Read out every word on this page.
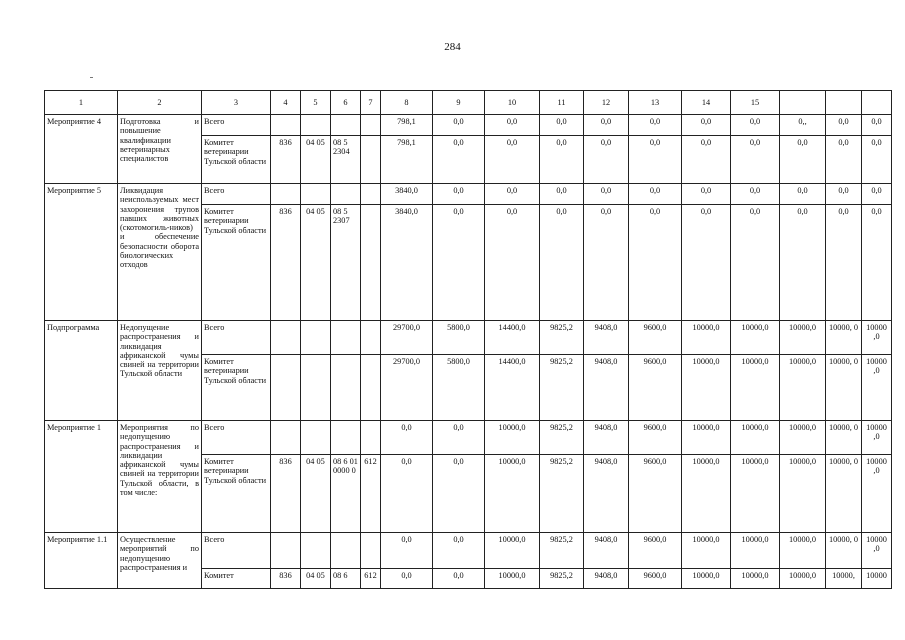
284
1	2	3	4	5	6	7	8	9	10	11	12	13	14	15			
Мероприятие 4	Подготовка и повышение квалификации ветеринарных специалистов	Всего					798,1	0,0	0,0	0,0	0,0	0,0	0,0	0,0	0,,	0,0	0,0
		Комитет ветеринарии Тульской области	836	04 05	08 5 2304		798,1	0,0	0,0	0,0	0,0	0,0	0,0	0,0	0,0	0,0	0,0
Мероприятие 5	Ликвидация неиспользуемых мест захоронения трупов павших животных (скотомогиль-ников) и обеспечение безопасности оборота биологических отходов	Всего					3840,0	0,0	0,0	0,0	0,0	0,0	0,0	0,0	0,0	0,0	0,0
		Комитет ветеринарии Тульской области	836	04 05	08 5 2307		3840,0	0,0	0,0	0,0	0,0	0,0	0,0	0,0	0,0	0,0	0,0
Подпрограмма	Недопущение распространения и ликвидация африканской чумы свиней на территории Тульской области	Всего					29700,0	5800,0	14400,0	9825,2	9408,0	9600,0	10000,0	10000,0	10000,0	10000, 0	10000 ,0
		Комитет ветеринарии Тульской области					29700,0	5800,0	14400,0	9825,2	9408,0	9600,0	10000,0	10000,0	10000,0	10000, 0	10000 ,0
Мероприятие 1	Мероприятия по недопущению распространения и ликвидации африканской чумы свиней на территории Тульской области, в том числе:	Всего					0,0	0,0	10000,0	9825,2	9408,0	9600,0	10000,0	10000,0	10000,0	10000, 0	10000 ,0
		Комитет ветеринарии Тульской области	836	04 05	08 6 01 0000 0	612	0,0	0,0	10000,0	9825,2	9408,0	9600,0	10000,0	10000,0	10000,0	10000, 0	10000 ,0
Мероприятие 1.1	Осуществление мероприятий по недопущению распространения и	Всего					0,0	0,0	10000,0	9825,2	9408,0	9600,0	10000,0	10000,0	10000,0	10000, 0	10000 ,0
		Комитет	836	04 05	08 6	612	0,0	0,0	10000,0	9825,2	9408,0	9600,0	10000,0	10000,0	10000,0	10000,	10000
